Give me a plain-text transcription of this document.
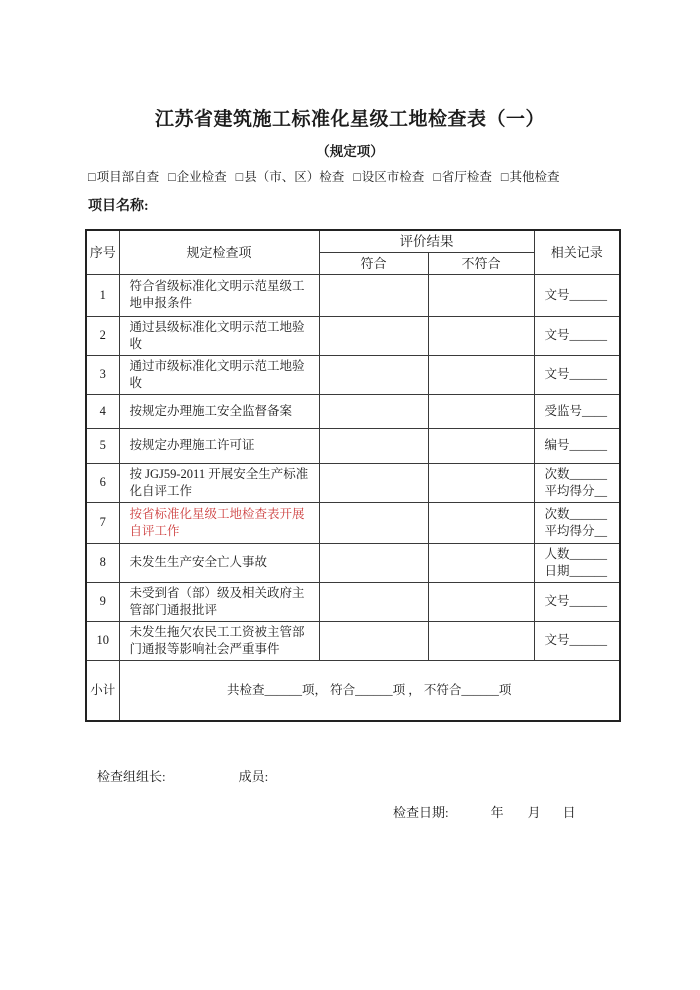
江苏省建筑施工标准化星级工地检查表（一）
（规定项）
□ 项目部自查 □ 企业检查 □ 县（市、区）检查 □ 设区市检查 □ 省厅检查 □ 其他检查
项目名称:
序号	规定检查项	评价结果		相关记录
		符合	不符合	
1	符合省级标准化文明示范星级工地申报条件			文号______

2	通过县级标准化文明示范工地验收			文号______

3	通过市级标准化文明示范工地验收			文号______

4	按规定办理施工安全监督备案			受监号____

5	按规定办理施工许可证			编号______

6	按 JGJ59-2011 开展安全生产标准化自评工作			次数______
平均得分__

7	按省标准化星级工地检查表开展自评工作			次数______
平均得分__

8	未发生生产安全亡人事故			人数______
日期______

9	未受到省（部）级及相关政府主管部门通报批评			文号______

10	未发生拖欠农民工工资被主管部门通报等影响社会严重事件			文号______

小计	共检查______项， 符合______项 ， 不符合______项			
检查组组长:	成员:
检查日期:	年 月 日
